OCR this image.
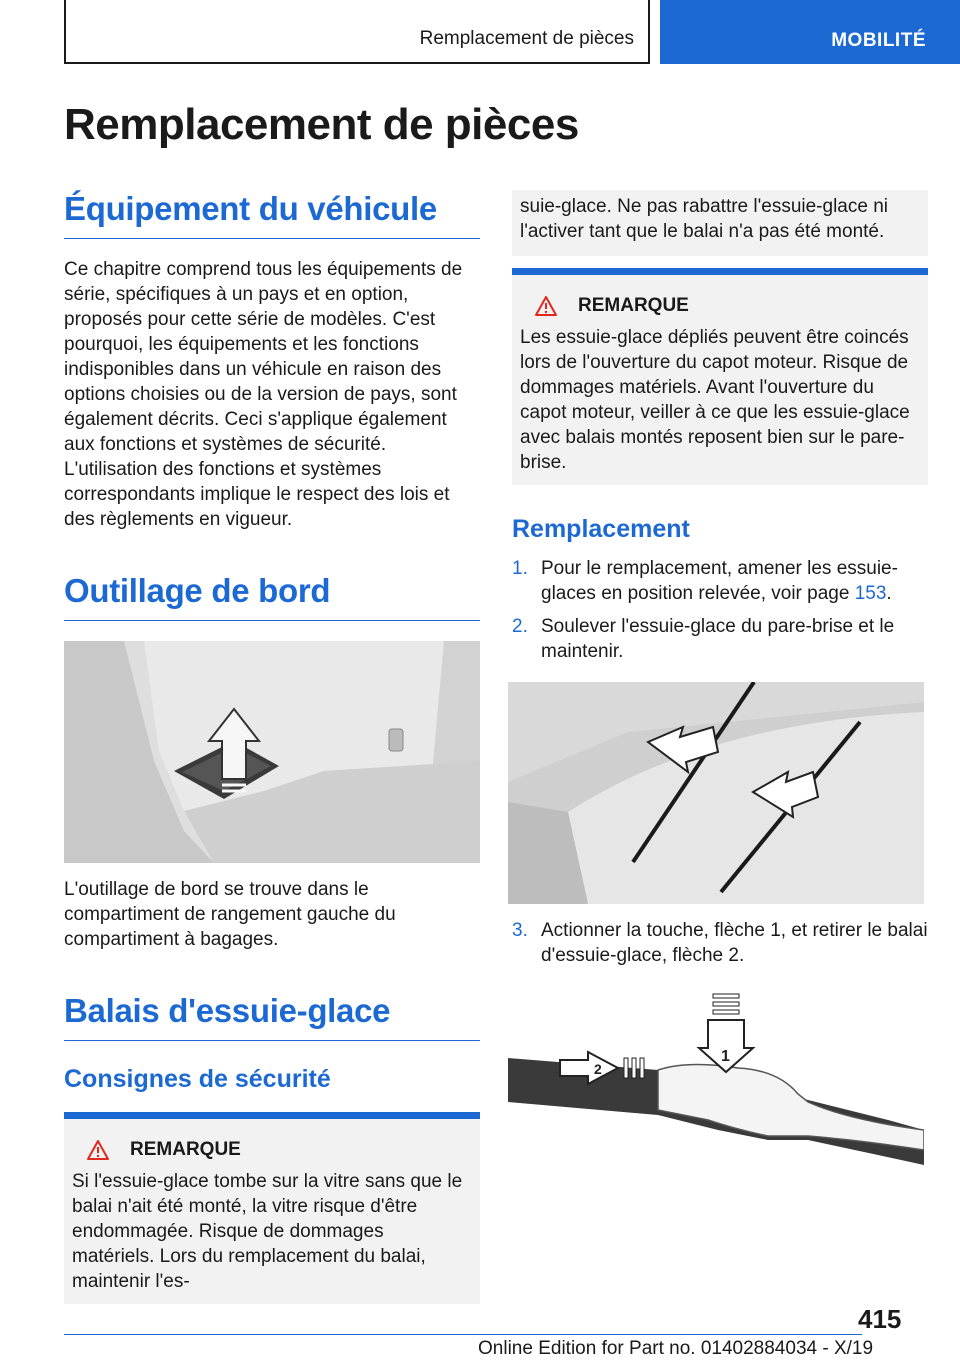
Remplacement de pièces	MOBILITÉ
Remplacement de pièces
Équipement du véhicule

Ce chapitre comprend tous les équipements de série, spécifiques à un pays et en option, proposés pour cette série de modèles. C'est pourquoi, les équipements et les fonctions indisponibles dans un véhicule en raison des options choisies ou de la version de pays, sont également décrits. Ceci s'applique également aux fonctions et systèmes de sécurité. L'utilisation des fonctions et systèmes correspondants implique le respect des lois et des règlements en vigueur.

Outillage de bord

L'outillage de bord se trouve dans le compartiment de rangement gauche du compartiment à bagages.

Balais d'essuie-glace
Consignes de sécurité
REMARQUE

Si l'essuie-glace tombe sur la vitre sans que le balai n'ait été monté, la vitre risque d'être endommagée. Risque de dommages matériels. Lors du remplacement du balai, maintenir l'es-

suie-glace. Ne pas rabattre l'essuie-glace ni l'activer tant que le balai n'a pas été monté.

REMARQUE

Les essuie-glace dépliés peuvent être coincés lors de l'ouverture du capot moteur. Risque de dommages matériels. Avant l'ouverture du capot moteur, veiller à ce que les essuie-glace avec balais montés reposent bien sur le pare-brise.

Remplacement
1. Pour le remplacement, amener les essuie-glaces en position relevée, voir page 153.
2. Soulever l'essuie-glace du pare-brise et le maintenir.
3. Actionner la touche, flèche 1, et retirer le balai d'essuie-glace, flèche 2.
1
2
415
Online Edition for Part no. 01402884034 - X/19
